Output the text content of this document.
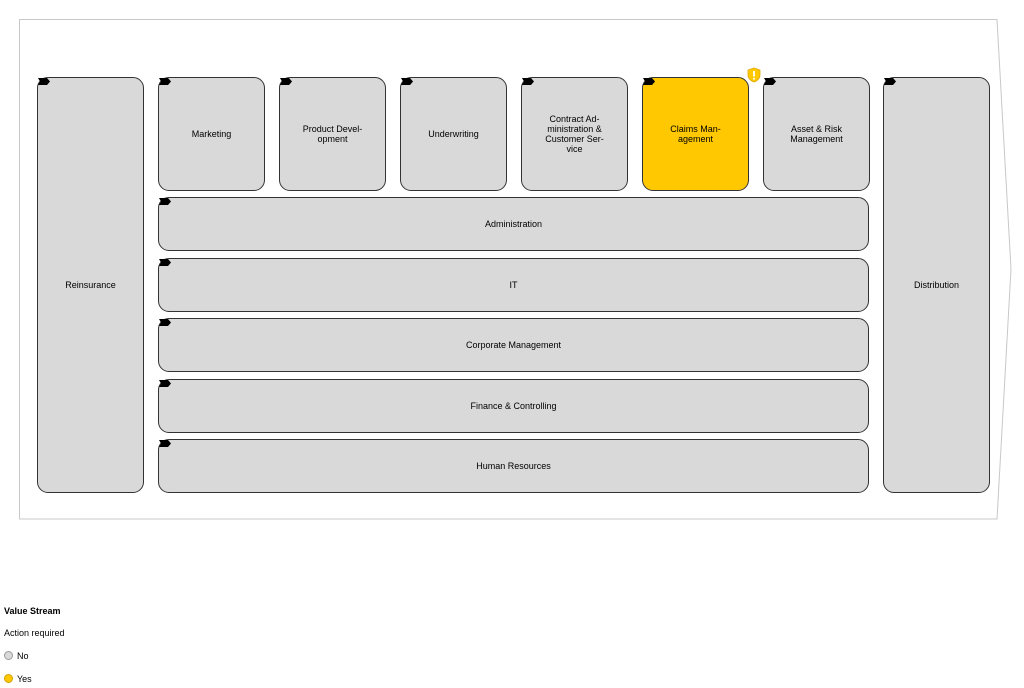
Reinsurance	Distribution
Marketing	Product Devel-
opment	Underwriting
Contract Ad-
ministration &
Customer Ser-
vice
Claims Man-
agement
Asset & Risk
Management
Administration
IT
Corporate Management
Finance & Controlling
Human Resources
Value Stream
Action required
No
Yes
